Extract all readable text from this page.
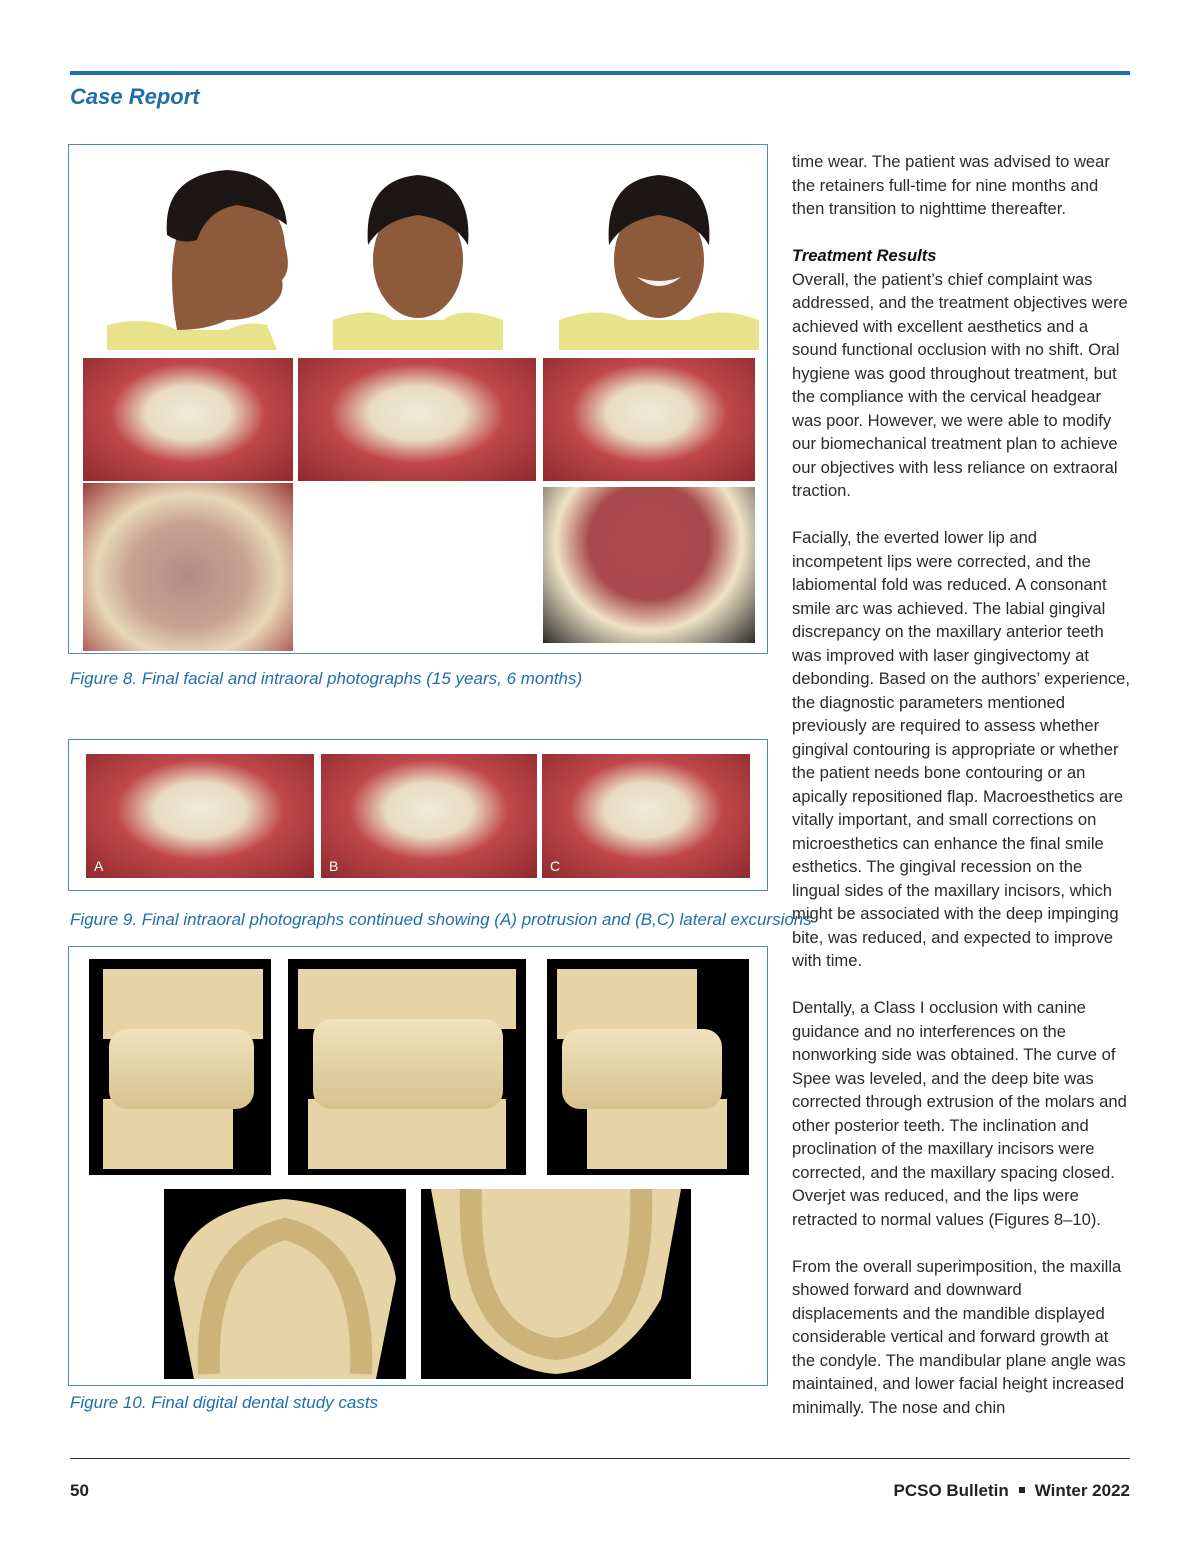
Case Report
Figure 8. Final facial and intraoral photographs (15 years, 6 months)
A	B	C
Figure 9. Final intraoral photographs continued showing (A) protrusion and (B,C) lateral excursions
Figure 10. Final digital dental study casts

time wear. The patient was advised to wear the retainers full-time for nine months and then transition to nighttime thereafter.

Treatment Results

Overall, the patient’s chief complaint was addressed, and the treatment objectives were achieved with excellent aesthetics and a sound functional occlusion with no shift. Oral hygiene was good throughout treatment, but the compliance with the cervical headgear was poor. However, we were able to modify our biomechanical treatment plan to achieve our objectives with less reliance on extraoral traction.

Facially, the everted lower lip and incompetent lips were corrected, and the labiomental fold was reduced. A consonant smile arc was achieved. The labial gingival discrepancy on the maxillary anterior teeth was improved with laser gingivectomy at debonding. Based on the authors’ experience, the diagnostic parameters mentioned previously are required to assess whether gingival contouring is appropriate or whether the patient needs bone contouring or an apically repositioned flap. Macroesthetics are vitally important, and small corrections on microesthetics can enhance the final smile esthetics. The gingival recession on the lingual sides of the maxillary incisors, which might be associated with the deep impinging bite, was reduced, and expected to improve with time.

Dentally, a Class I occlusion with canine guidance and no interferences on the nonworking side was obtained. The curve of Spee was leveled, and the deep bite was corrected through extrusion of the molars and other posterior teeth. The inclination and proclination of the maxillary incisors were corrected, and the maxillary spacing closed. Overjet was reduced, and the lips were retracted to normal values (Figures 8–10).

From the overall superimposition, the maxilla showed forward and downward displacements and the mandible displayed considerable vertical and forward growth at the condyle. The mandibular plane angle was maintained, and lower facial height increased minimally. The nose and chin

50	PCSO Bulletin Winter 2022
